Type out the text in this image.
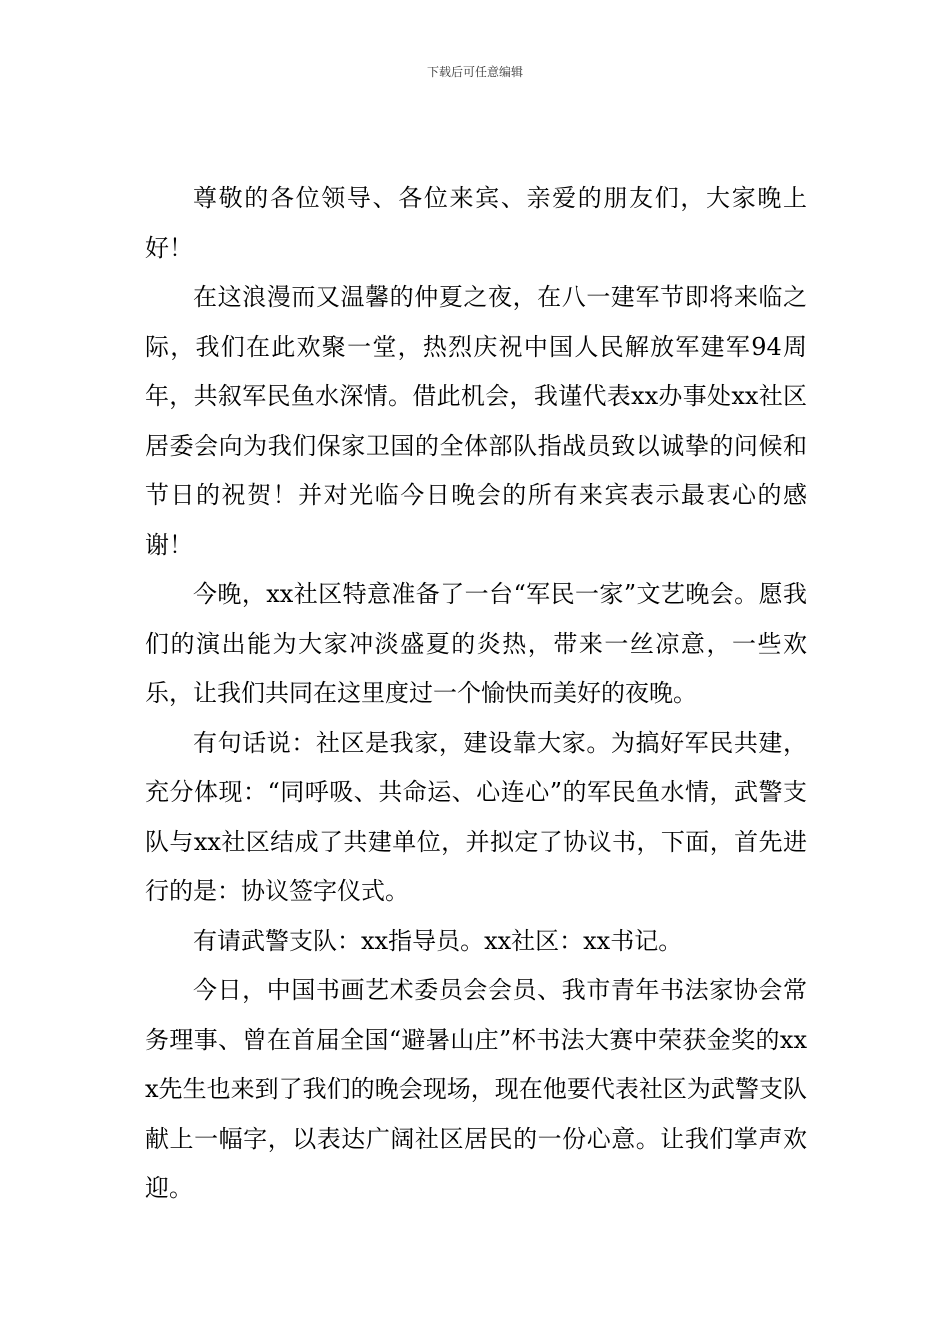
下载后可任意编辑

尊敬的各位领导、各位来宾、亲爱的朋友们，大家晚上好！

在这浪漫而又温馨的仲夏之夜，在八一建军节即将来临之际，我们在此欢聚一堂，热烈庆祝中国人民解放军建军94周年，共叙军民鱼水深情。借此机会，我谨代表xx办事处xx社区居委会向为我们保家卫国的全体部队指战员致以诚挚的问候和节日的祝贺！并对光临今日晚会的所有来宾表示最衷心的感谢！

今晚，xx社区特意准备了一台“军民一家”文艺晚会。愿我们的演出能为大家冲淡盛夏的炎热，带来一丝凉意，一些欢乐，让我们共同在这里度过一个愉快而美好的夜晚。

有句话说：社区是我家，建设靠大家。为搞好军民共建，充分体现：“同呼吸、共命运、心连心”的军民鱼水情，武警支队与xx社区结成了共建单位，并拟定了协议书，下面，首先进行的是：协议签字仪式。

有请武警支队：xx指导员。xx社区：xx书记。

今日，中国书画艺术委员会会员、我市青年书法家协会常务理事、曾在首届全国“避暑山庄”杯书法大赛中荣获金奖的xxx先生也来到了我们的晚会现场，现在他要代表社区为武警支队献上一幅字，以表达广阔社区居民的一份心意。让我们掌声欢迎。
